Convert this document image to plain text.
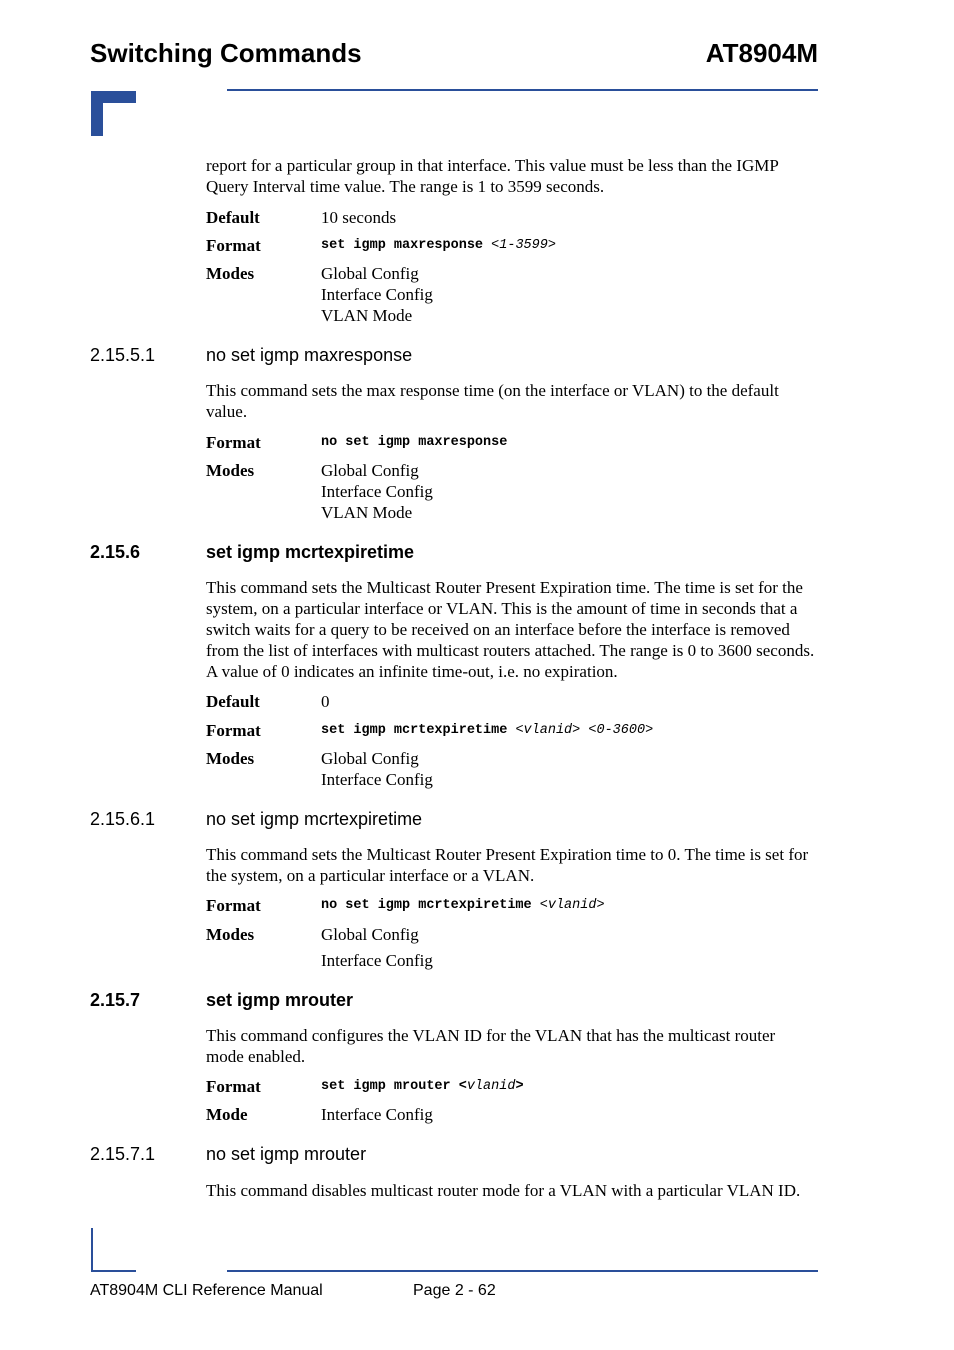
Switching Commands	AT8904M
report for a particular group in that interface. This value must be less than the IGMP Query Interval time value. The range is 1 to 3599 seconds.
Default	10 seconds
Format	set igmp maxresponse <1-3599>
Modes	Global Config
Interface Config
VLAN Mode
2.15.5.1	no set igmp maxresponse
This command sets the max response time (on the interface or VLAN) to the default value.
Format	no set igmp maxresponse
Modes	Global Config
Interface Config
VLAN Mode
2.15.6	set igmp mcrtexpiretime
This command sets the Multicast Router Present Expiration time. The time is set for the system, on a particular interface or VLAN. This is the amount of time in seconds that a switch waits for a query to be received on an interface before the interface is removed from the list of interfaces with multicast routers attached. The range is 0 to 3600 seconds. A value of 0 indicates an infinite time-out, i.e. no expiration.
Default	0
Format	set igmp mcrtexpiretime <vlanid> <0-3600>
Modes	Global Config
Interface Config
2.15.6.1	no set igmp mcrtexpiretime
This command sets the Multicast Router Present Expiration time to 0. The time is set for the system, on a particular interface or a VLAN.
Format	no set igmp mcrtexpiretime <vlanid>
Modes	Global Config
Interface Config
2.15.7	set igmp mrouter
This command configures the VLAN ID for the VLAN that has the multicast router mode enabled.
Format	set igmp mrouter <vlanid>
Mode	Interface Config
2.15.7.1	no set igmp mrouter
This command disables multicast router mode for a VLAN with a particular VLAN ID.
AT8904M CLI Reference Manual	Page 2 - 62
